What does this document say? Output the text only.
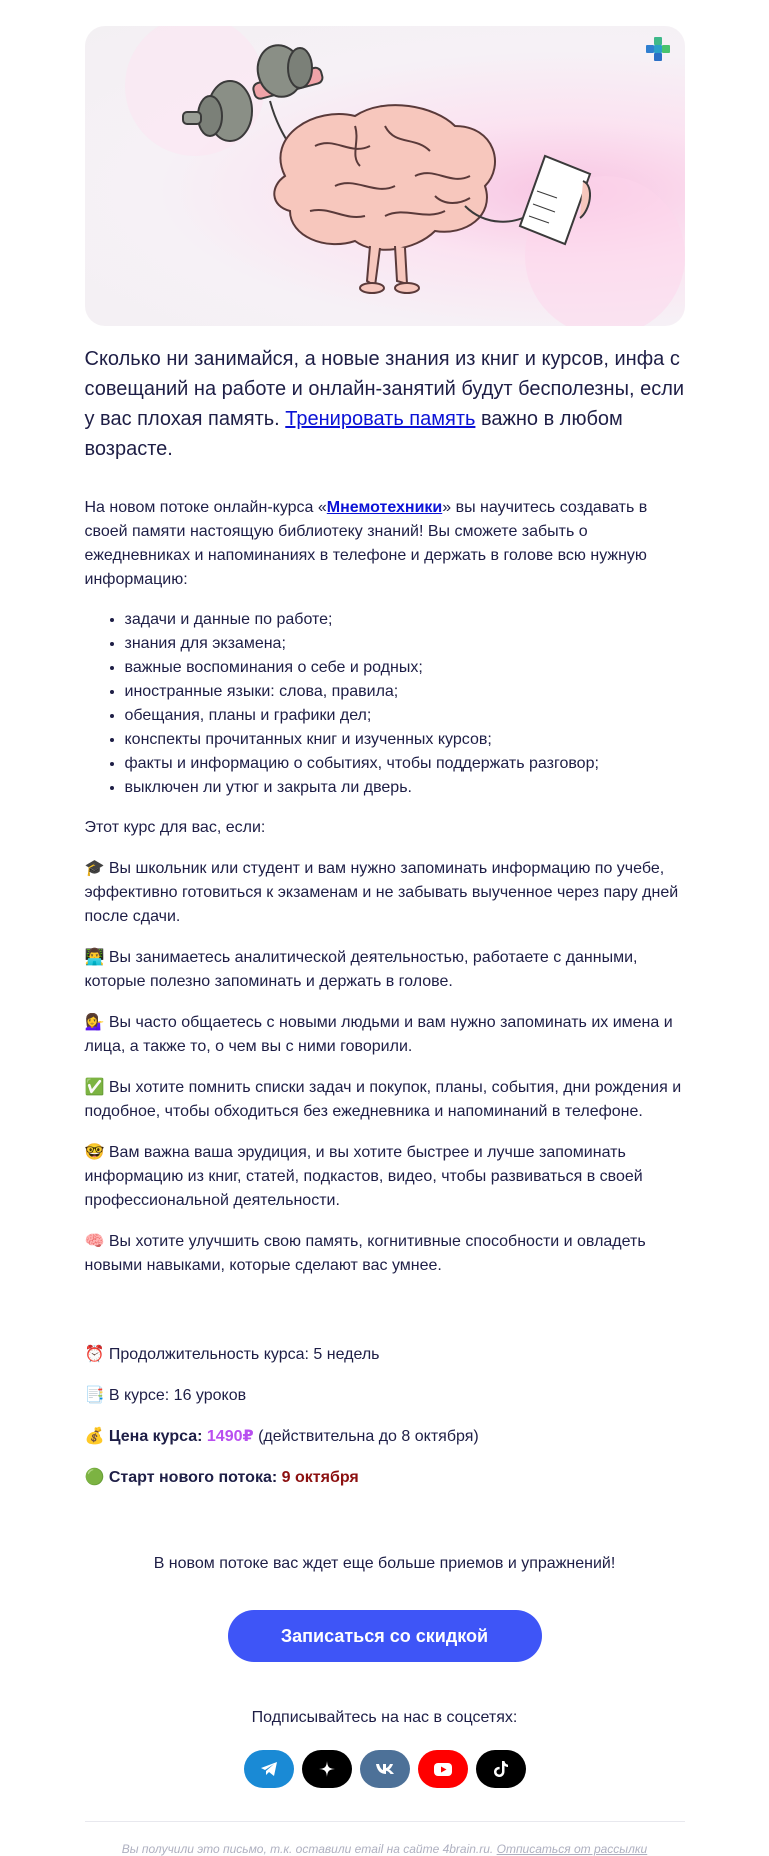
Сколько ни занимайся, а новые знания из книг и курсов, инфа с совещаний на работе и онлайн-занятий будут бесполезны, если у вас плохая память. Тренировать память важно в любом возрасте.

На новом потоке онлайн-курса «Мнемотехники» вы научитесь создавать в своей памяти настоящую библиотеку знаний! Вы сможете забыть о ежедневниках и напоминаниях в телефоне и держать в голове всю нужную информацию:

• задачи и данные по работе;
• знания для экзамена;
• важные воспоминания о себе и родных;
• иностранные языки: слова, правила;
• обещания, планы и графики дел;
• конспекты прочитанных книг и изученных курсов;
• факты и информацию о событиях, чтобы поддержать разговор;
• выключен ли утюг и закрыта ли дверь.

Этот курс для вас, если:

🎓 Вы школьник или студент и вам нужно запоминать информацию по учебе, эффективно готовиться к экзаменам и не забывать выученное через пару дней после сдачи.

👨‍💻 Вы занимаетесь аналитической деятельностью, работаете с данными, которые полезно запоминать и держать в голове.

💁‍♀️ Вы часто общаетесь с новыми людьми и вам нужно запоминать их имена и лица, а также то, о чем вы с ними говорили.

✅ Вы хотите помнить списки задач и покупок, планы, события, дни рождения и подобное, чтобы обходиться без ежедневника и напоминаний в телефоне.

🤓 Вам важна ваша эрудиция, и вы хотите быстрее и лучше запоминать информацию из книг, статей, подкастов, видео, чтобы развиваться в своей профессиональной деятельности.

🧠 Вы хотите улучшить свою память, когнитивные способности и овладеть новыми навыками, которые сделают вас умнее.

⏰ Продолжительность курса: 5 недель

📑 В курсе: 16 уроков

💰 Цена курса: 1490₽ (действительна до 8 октября)

🟢 Старт нового потока: 9 октября

В новом потоке вас ждет еще больше приемов и упражнений!
Записаться со скидкой
Подписывайтесь на нас в соцсетях:
Вы получили это письмо, т.к. оставили email на сайте 4brain.ru. Отписаться от рассылки
